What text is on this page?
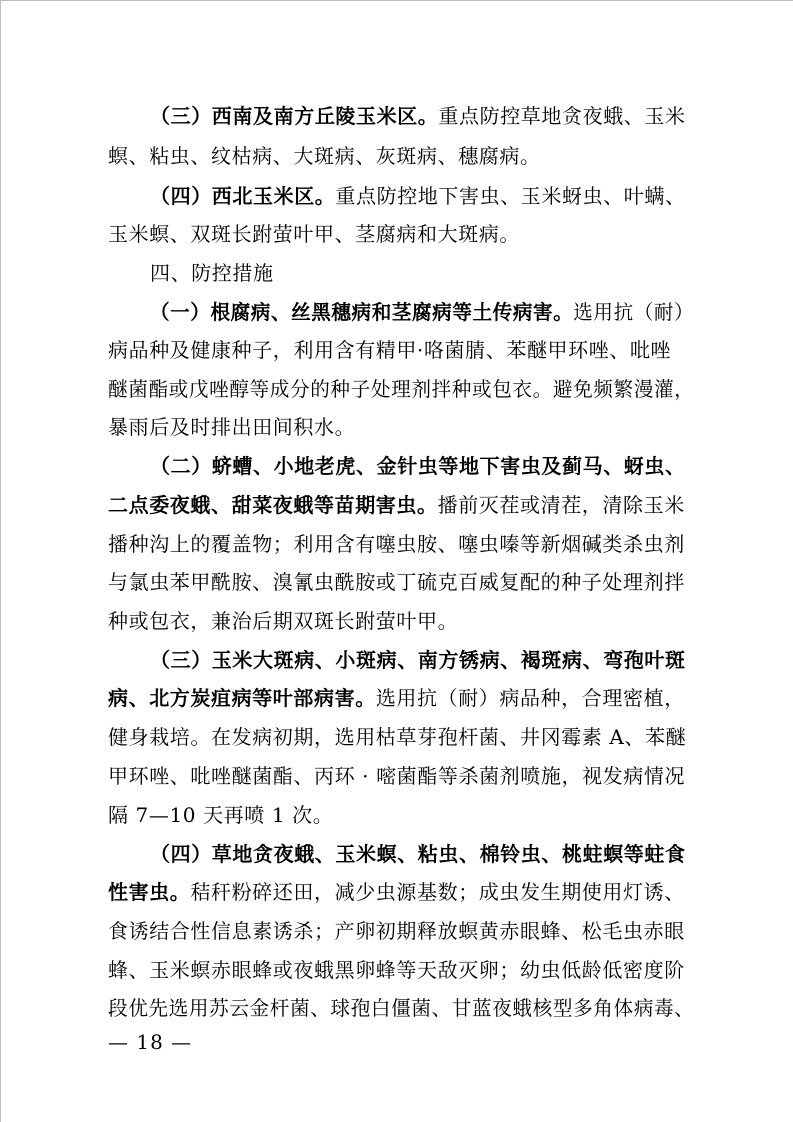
（三）西南及南方丘陵玉米区。重点防控草地贪夜蛾、玉米
螟、粘虫、纹枯病、大斑病、灰斑病、穗腐病。
（四）西北玉米区。重点防控地下害虫、玉米蚜虫、叶螨、
玉米螟、双斑长跗萤叶甲、茎腐病和大斑病。
四、防控措施
（一）根腐病、丝黑穗病和茎腐病等土传病害。选用抗（耐）
病品种及健康种子，利用含有精甲·咯菌腈、苯醚甲环唑、吡唑
醚菌酯或戊唑醇等成分的种子处理剂拌种或包衣。避免频繁漫灌，
暴雨后及时排出田间积水。
（二）蛴螬、小地老虎、金针虫等地下害虫及蓟马、蚜虫、
二点委夜蛾、甜菜夜蛾等苗期害虫。播前灭茬或清茬，清除玉米
播种沟上的覆盖物；利用含有噻虫胺、噻虫嗪等新烟碱类杀虫剂
与氯虫苯甲酰胺、溴氰虫酰胺或丁硫克百威复配的种子处理剂拌
种或包衣，兼治后期双斑长跗萤叶甲。
（三）玉米大斑病、小斑病、南方锈病、褐斑病、弯孢叶斑
病、北方炭疽病等叶部病害。选用抗（耐）病品种，合理密植，
健身栽培。在发病初期，选用枯草芽孢杆菌、井冈霉素 A、苯醚
甲环唑、吡唑醚菌酯、丙环 · 嘧菌酯等杀菌剂喷施，视发病情况
隔 7—10 天再喷 1 次。
（四）草地贪夜蛾、玉米螟、粘虫、棉铃虫、桃蛀螟等蛀食
性害虫。秸秆粉碎还田，减少虫源基数；成虫发生期使用灯诱、
食诱结合性信息素诱杀；产卵初期释放螟黄赤眼蜂、松毛虫赤眼
蜂、玉米螟赤眼蜂或夜蛾黑卵蜂等天敌灭卵；幼虫低龄低密度阶
段优先选用苏云金杆菌、球孢白僵菌、甘蓝夜蛾核型多角体病毒、
— 18 —
